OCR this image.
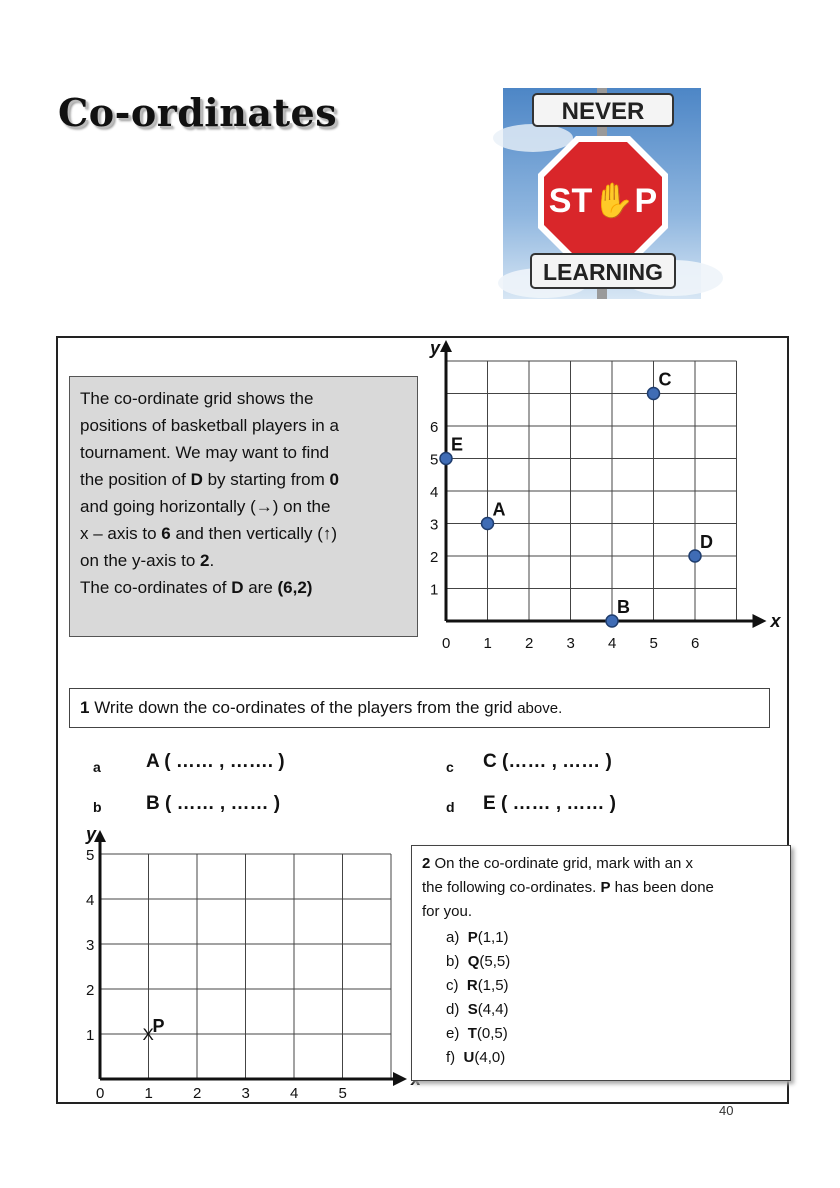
Co-ordinates	NEVER
ST✋P
LEARNING
The co-ordinate grid shows the
positions of basketball players in a
tournament. We may want to find
the position of D by starting from 0
and going horizontally (→) on the
x – axis to 6 and then vertically (↑)
on the y-axis to 2.
The co-ordinates of D are (6,2)
x
y
0 1 2 3 4 5 6
1
2
3
4
5
6
A
B
C
D
E
1 Write down the co-ordinates of the players from the grid above.
a A ( …… , ……. )
b B ( …… , …… )
c C (…… , …… )
d E ( …… , …… )
y
0	1	2	3	4	5
1
2
3
4
5
X
P
2 On the co-ordinate grid, mark with an x
the following co-ordinates. P has been done
for you.
a) P(1,1)
b) Q(5,5)
c) R(1,5)
d) S(4,4)
e) T(0,5)
f) U(4,0)
40
